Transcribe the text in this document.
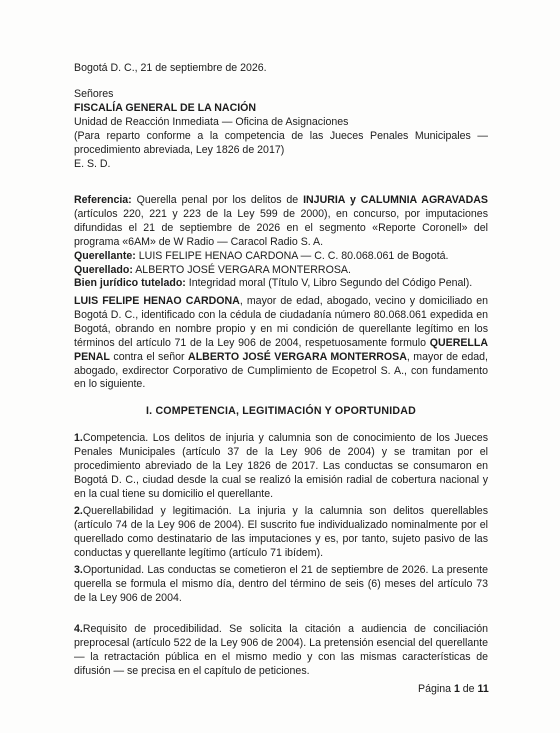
Bogotá D. C., 21 de septiembre de 2026.

Señores

FISCALÍA GENERAL DE LA NACIÓN

Unidad de Reacción Inmediata — Oficina de Asignaciones

(Para reparto conforme a la competencia de las Jueces Penales Municipales — procedimiento abreviada, Ley 1826 de 2017)

E. S. D.

Referencia: Querella penal por los delitos de INJURIA y CALUMNIA AGRAVADAS (artículos 220, 221 y 223 de la Ley 599 de 2000), en concurso, por imputaciones difundidas el 21 de septiembre de 2026 en el segmento «Reporte Coronell» del programa «6AM» de W Radio — Caracol Radio S. A.

Querellante: LUIS FELIPE HENAO CARDONA — C. C. 80.068.061 de Bogotá.

Querellado: ALBERTO JOSÉ VERGARA MONTERROSA.

Bien jurídico tutelado: Integridad moral (Título V, Libro Segundo del Código Penal).

LUIS FELIPE HENAO CARDONA, mayor de edad, abogado, vecino y domiciliado en Bogotá D. C., identificado con la cédula de ciudadanía número 80.068.061 expedida en Bogotá, obrando en nombre propio y en mi condición de querellante legítimo en los términos del artículo 71 de la Ley 906 de 2004, respetuosamente formulo QUERELLA PENAL contra el señor ALBERTO JOSÉ VERGARA MONTERROSA, mayor de edad, abogado, exdirector Corporativo de Cumplimiento de Ecopetrol S. A., con fundamento en lo siguiente.

I. COMPETENCIA, LEGITIMACIÓN Y OPORTUNIDAD

1.Competencia. Los delitos de injuria y calumnia son de conocimiento de los Jueces Penales Municipales (artículo 37 de la Ley 906 de 2004) y se tramitan por el procedimiento abreviado de la Ley 1826 de 2017. Las conductas se consumaron en Bogotá D. C., ciudad desde la cual se realizó la emisión radial de cobertura nacional y en la cual tiene su domicilio el querellante.

2.Querellabilidad y legitimación. La injuria y la calumnia son delitos querellables (artículo 74 de la Ley 906 de 2004). El suscrito fue individualizado nominalmente por el querellado como destinatario de las imputaciones y es, por tanto, sujeto pasivo de las conductas y querellante legítimo (artículo 71 ibídem).

3.Oportunidad. Las conductas se cometieron el 21 de septiembre de 2026. La presente querella se formula el mismo día, dentro del término de seis (6) meses del artículo 73 de la Ley 906 de 2004.

4.Requisito de procedibilidad. Se solicita la citación a audiencia de conciliación preprocesal (artículo 522 de la Ley 906 de 2004). La pretensión esencial del querellante — la retractación pública en el mismo medio y con las mismas características de difusión — se precisa en el capítulo de peticiones.

Página 1 de 11
